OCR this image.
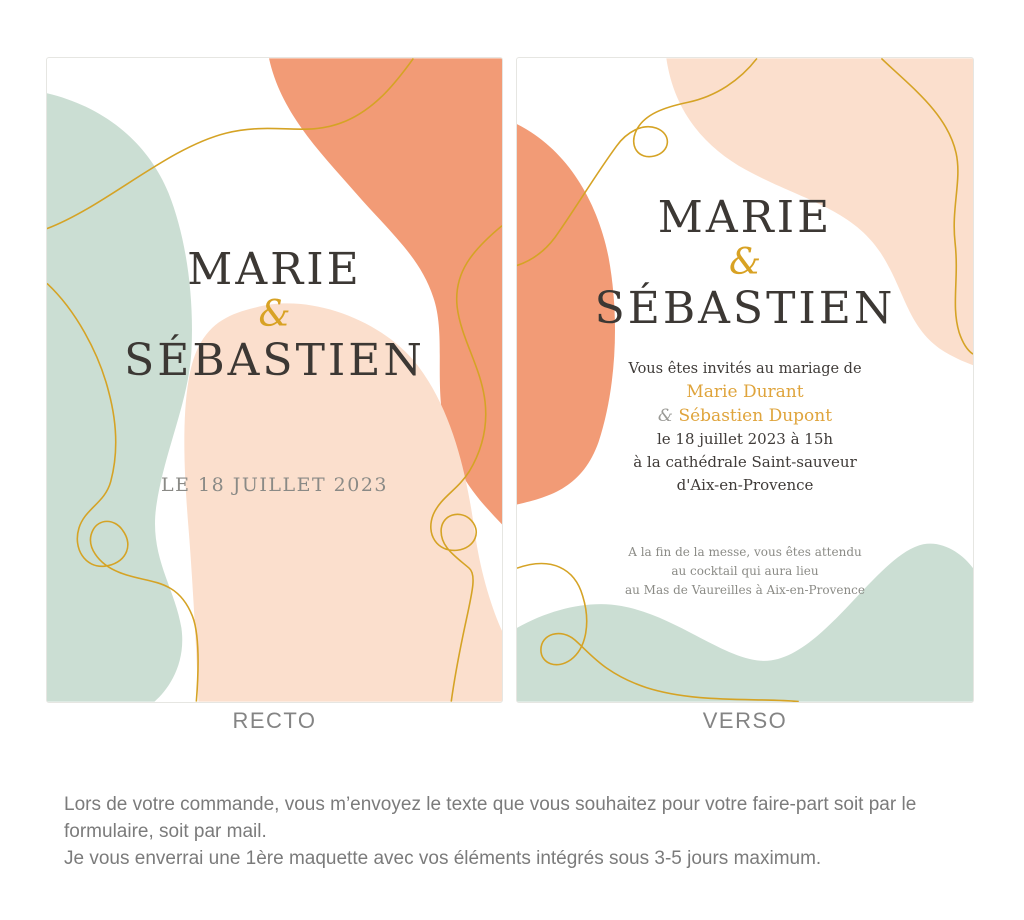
MARIE
&
SÉBASTIEN
LE 18 JUILLET 2023
MARIE
&
SÉBASTIEN
Vous êtes invités au mariage de
Marie Durant
& Sébastien Dupont
le 18 juillet 2023 à 15h
à la cathédrale Saint-sauveur
d'Aix-en-Provence
A la fin de la messe, vous êtes attendu
au cocktail qui aura lieu
au Mas de Vaureilles à Aix-en-Provence
RECTO	VERSO
Lors de votre commande, vous m’envoyez le texte que vous souhaitez pour votre faire-part soit par le
formulaire, soit par mail.
Je vous enverrai une 1ère maquette avec vos éléments intégrés sous 3-5 jours maximum.
